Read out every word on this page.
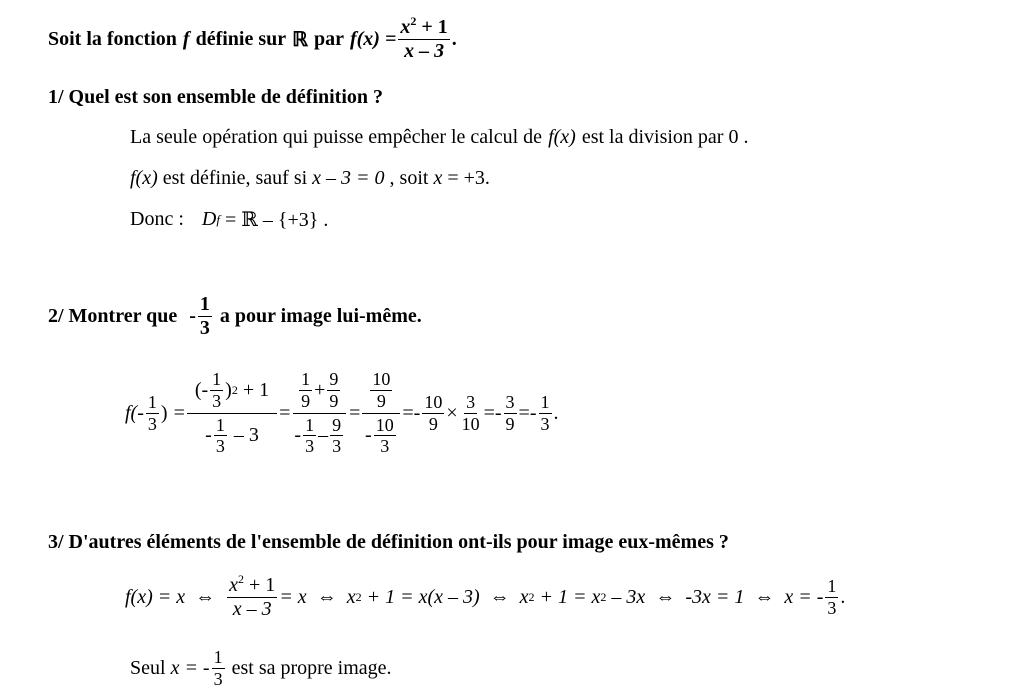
Soit la fonction f définie sur ℝ par $f(x) = \frac{x^2 + 1}{x - 3}$ .
1/ Quel est son ensemble de définition ?
La seule opération qui puisse empêcher le calcul de f(x) est la division par 0 .
f(x) est définie, sauf si x – 3 = 0 , soit x = +3.
Donc : D f = ℝ – {+3} .
2/ Montrer que - $\frac{1}{3}$ a pour image lui-même.
$f(- \frac{1}{3}$ ) = $\frac{(- \frac{1}{3} ) 2 + 1}{- \frac{1}{3} - 3}$ =
$\frac{1}{9} + \frac{9}{9}$
- $\frac{1}{3} - \frac{9}{3}$
= $\frac{\frac{10}{9}}{- \frac{10}{3}}$ = - $\frac{10}{9} \times \frac{3}{10}$ = - $\frac{3}{9}$ = - $\frac{1}{3}$ .
3/ D'autres éléments de l'ensemble de définition ont-ils pour image eux-mêmes ?
f(x) = x ⇔ $\frac{x^2 + 1}{x - 3} = x$ ⇔ x 2 + 1 = x(x – 3) ⇔ x 2 + 1 = x 2 – 3x ⇔ -3x = 1 ⇔ x = - $\frac{1}{3}$ .
Seul x = - $\frac{1}{3}$ est sa propre image.
